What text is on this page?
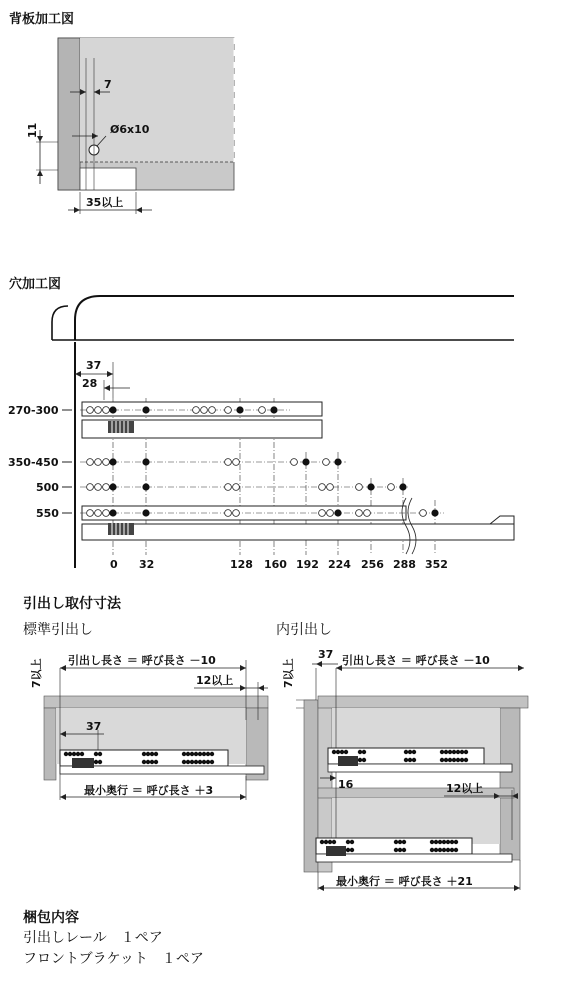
背板加工図
穴加工図
引出し取付寸法
標準引出し	内引出し
梱包内容
引出しレール　１ペア
フロントブラケット　１ペア
7
Ø6x10
11
35以上
37
28
270-300
350-450
500
550
0 32	128 160 192 224 256 288 352
7以上 引出し長さ ＝ 呼び長さ －10
12以上
37
最小奥行 ＝ 呼び長さ ＋3
7以上
37 引出し長さ ＝ 呼び長さ －10
16	12以上
最小奥行 ＝ 呼び長さ ＋21
